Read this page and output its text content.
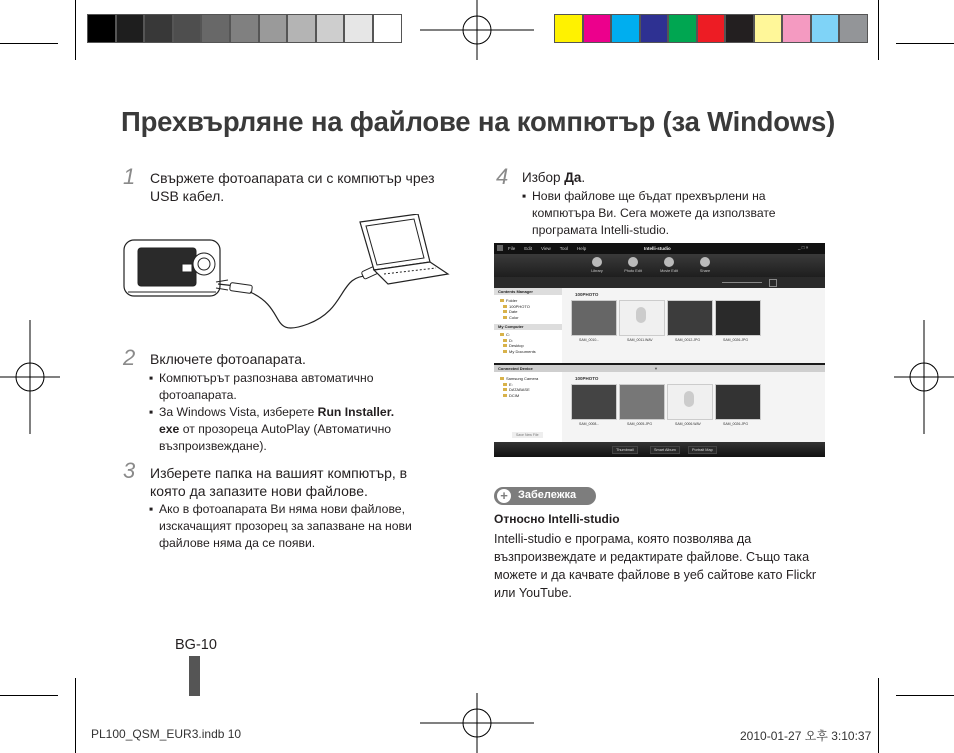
Прехвърляне на файлове на компютър (за Windows)
1 Свържете фотоапарата си с компютър чрез
USB кабел.
2 Включете фотоапарата.
▪ Компютърът разпознава автоматично
фотоапарата.
▪ За Windows Vista, изберете Run Installer.
exe от прозореца AutoPlay (Автоматично
възпроизвеждане).
3 Изберете папка на вашият компютър, в
която да запазите нови файлове.
▪ Ако в фотоапарата Ви няма нови файлове,
изскачащият прозорец за запазване на нови
файлове няма да се появи.
4 Избор Да.
▪ Нови файлове ще бъдат прехвърлени на
компютъра Ви. Сега можете да използвате
програмата Intelli-studio.
File Edit View Tool Help	Intelli-studio	_ □ ×
Library	Photo Edit	Movie Edit	Share
Contents Manager
Folder
100PHOTO
Date
Color
My Computer
C:
D:
Desktop
My Documents
100PHOTO
SAM_0010...	SAM_0011.WAV	SAM_0012.JPG	SAM_0026.JPG
Connected Device	▼
Samsung Camera
E:
DATABASE
DCIM
Save New File
100PHOTO
SAM_0008...	SAM_0005.JPG	SAM_0006.WAV	SAM_0026.JPG
Thumbnail	Smart Album	Portrait Map
+ Забележка
Относно Intelli-studio
Intelli-studio е програма, която позволява да
възпроизвеждате и редактирате файлове. Също така
можете и да качвате файлове в уеб сайтове като Flickr
или YouTube.
BG-10
PL100_QSM_EUR3.indb 10	2010-01-27 오후 3:10:37
